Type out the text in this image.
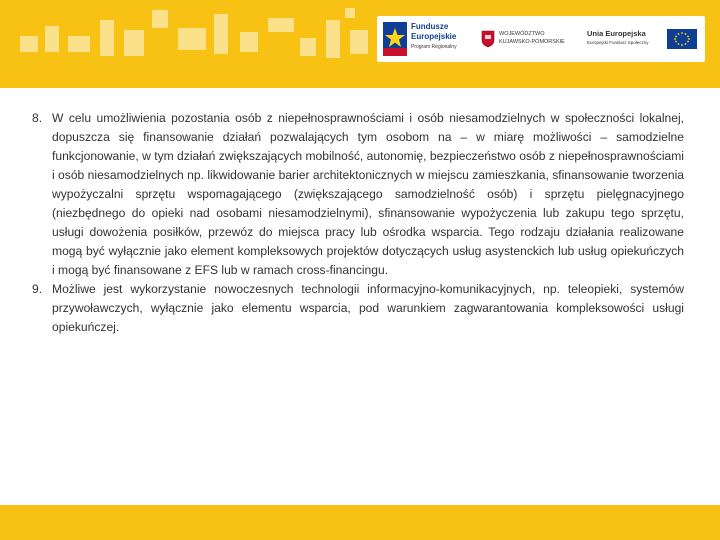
Fundusze
Europejskie
Program Regionalny
WOJEWÓDZTWO
KUJAWSKO-POMORSKIE
Unia Europejska
Europejski Fundusz Społeczny
8. W celu umożliwienia pozostania osób z niepełnosprawnościami i osób niesamodzielnych w społeczności lokalnej, dopuszcza się finansowanie działań pozwalających tym osobom na – w miarę możliwości – samodzielne funkcjonowanie, w tym działań zwiększających mobilność, autonomię, bezpieczeństwo osób z niepełnosprawnościami i osób niesamodzielnych np. likwidowanie barier architektonicznych w miejscu zamieszkania, sfinansowanie tworzenia wypożyczalni sprzętu wspomagającego (zwiększającego samodzielność osób) i sprzętu pielęgnacyjnego (niezbędnego do opieki nad osobami niesamodzielnymi), sfinansowanie wypożyczenia lub zakupu tego sprzętu, usługi dowożenia posiłków, przewóz do miejsca pracy lub ośrodka wsparcia. Tego rodzaju działania realizowane mogą być wyłącznie jako element kompleksowych projektów dotyczących usług asystenckich lub usług opiekuńczych i mogą być finansowane z EFS lub w ramach cross-financingu.
9. Możliwe jest wykorzystanie nowoczesnych technologii informacyjno-komunikacyjnych, np. teleopieki, systemów przywoławczych, wyłącznie jako elementu wsparcia, pod warunkiem zagwarantowania kompleksowości usługi opiekuńczej.
